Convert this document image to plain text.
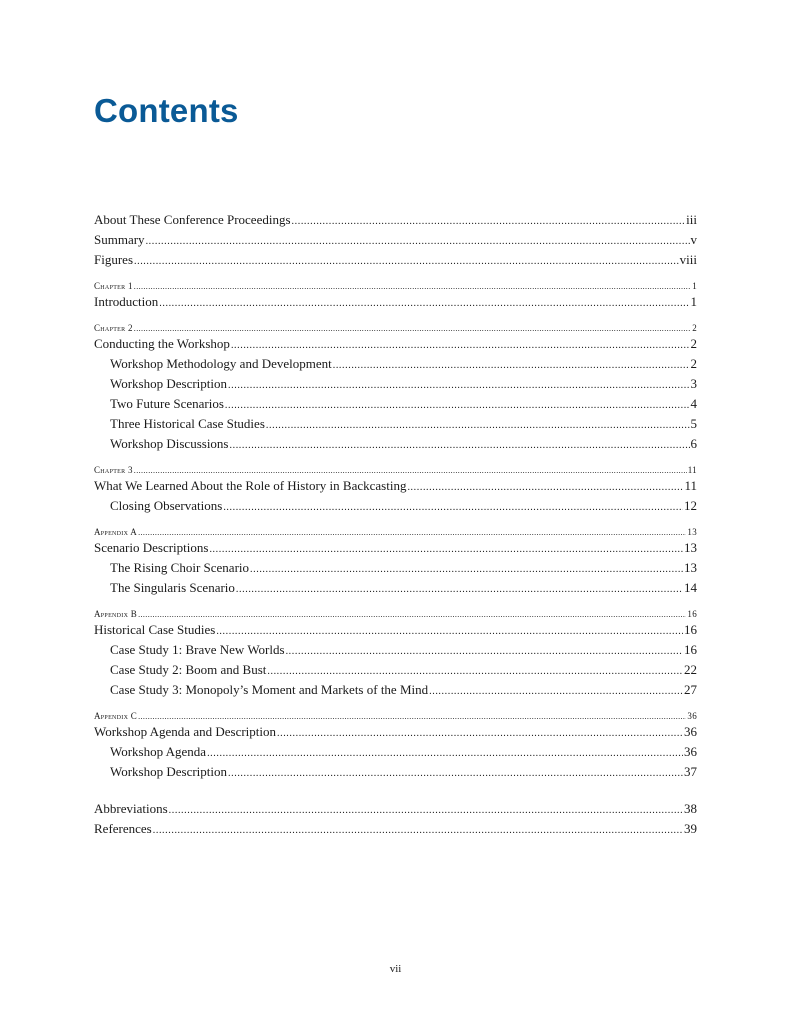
Contents
About These Conference Proceedings .....	iii
Summary .....	v
Figures .....	viii
Chapter 1 .....	1
Introduction .....	1
Chapter 2 .....	2
Conducting the Workshop .....	2
Workshop Methodology and Development .....	2
Workshop Description .....	3
Two Future Scenarios .....	4
Three Historical Case Studies .....	5
Workshop Discussions .....	6
Chapter 3 .....	11
What We Learned About the Role of History in Backcasting .....	11
Closing Observations .....	12
Appendix A .....	13
Scenario Descriptions .....	13
The Rising Choir Scenario .....	13
The Singularis Scenario .....	14
Appendix B .....	16
Historical Case Studies .....	16
Case Study 1: Brave New Worlds .....	16
Case Study 2: Boom and Bust .....	22
Case Study 3: Monopoly’s Moment and Markets of the Mind .....	27
Appendix C .....	36
Workshop Agenda and Description .....	36
Workshop Agenda .....	36
Workshop Description .....	37
Abbreviations .....	38
References .....	39
vii
